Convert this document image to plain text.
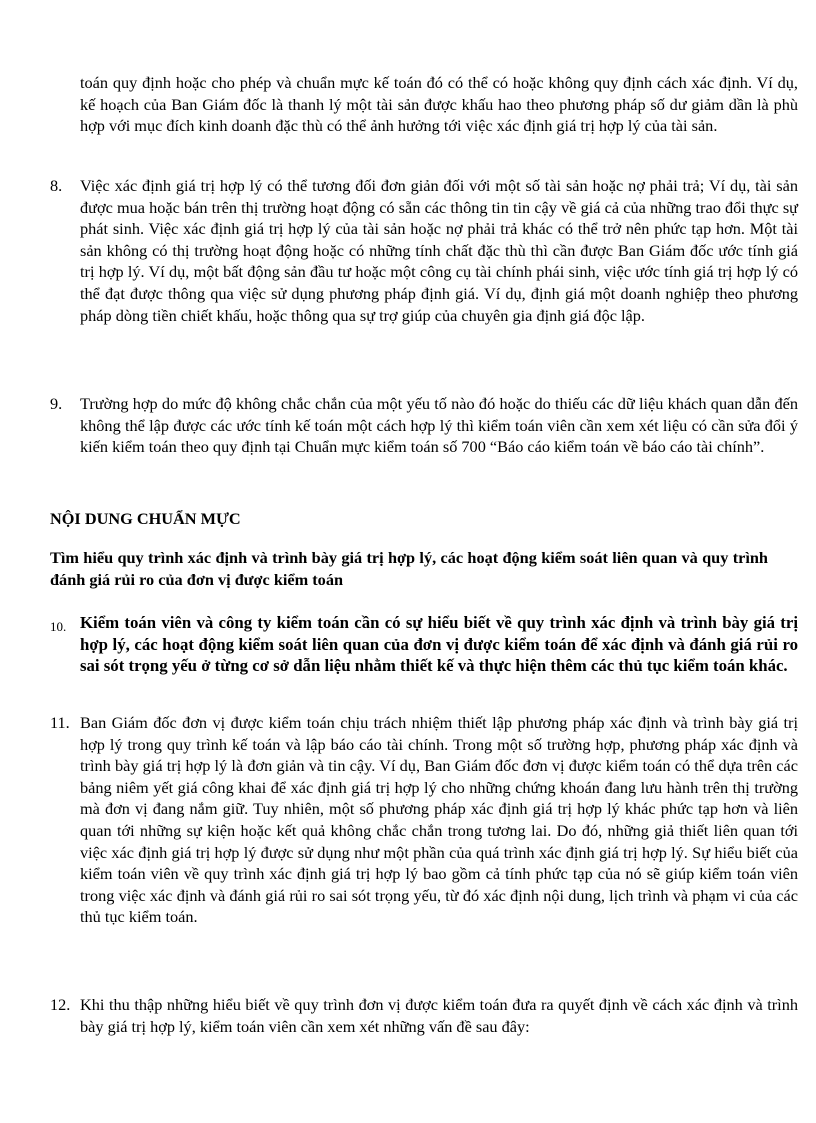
toán quy định hoặc cho phép và chuẩn mực kế toán đó có thể có hoặc không quy định cách xác định. Ví dụ, kế hoạch của Ban Giám đốc là thanh lý một tài sản được khấu hao theo phương pháp số dư giảm dần là phù hợp với mục đích kinh doanh đặc thù có thể ảnh hưởng tới việc xác định giá trị hợp lý của tài sản.

8.	Việc xác định giá trị hợp lý có thể tương đối đơn giản đối với một số tài sản hoặc nợ phải trả; Ví dụ, tài sản được mua hoặc bán trên thị trường hoạt động có sẵn các thông tin tin cậy về giá cả của những trao đổi thực sự phát sinh. Việc xác định giá trị hợp lý của tài sản hoặc nợ phải trả khác có thể trở nên phức tạp hơn. Một tài sản không có thị trường hoạt động hoặc có những tính chất đặc thù thì cần được Ban Giám đốc ước tính giá trị hợp lý. Ví dụ, một bất động sản đầu tư hoặc một công cụ tài chính phái sinh, việc ước tính giá trị hợp lý có thể đạt được thông qua việc sử dụng phương pháp định giá. Ví dụ, định giá một doanh nghiệp theo phương pháp dòng tiền chiết khấu, hoặc thông qua sự trợ giúp của chuyên gia định giá độc lập.

9.	Trường hợp do mức độ không chắc chắn của một yếu tố nào đó hoặc do thiếu các dữ liệu khách quan dẫn đến không thể lập được các ước tính kế toán một cách hợp lý thì kiểm toán viên cần xem xét liệu có cần sửa đổi ý kiến kiểm toán theo quy định tại Chuẩn mực kiểm toán số 700 “Báo cáo kiểm toán về báo cáo tài chính”.

NỘI DUNG CHUẨN MỰC
Tìm hiểu quy trình xác định và trình bày giá trị hợp lý, các hoạt động kiểm soát liên quan và quy trình đánh giá rủi ro của đơn vị được kiểm toán
10. Kiểm toán viên và công ty kiểm toán cần có sự hiểu biết về quy trình xác định và trình bày giá trị hợp lý, các hoạt động kiểm soát liên quan của đơn vị được kiểm toán để xác định và đánh giá rủi ro sai sót trọng yếu ở từng cơ sở dẫn liệu nhằm thiết kế và thực hiện thêm các thủ tục kiểm toán khác.

11. Ban Giám đốc đơn vị được kiểm toán chịu trách nhiệm thiết lập phương pháp xác định và trình bày giá trị hợp lý trong quy trình kế toán và lập báo cáo tài chính. Trong một số trường hợp, phương pháp xác định và trình bày giá trị hợp lý là đơn giản và tin cậy. Ví dụ, Ban Giám đốc đơn vị được kiểm toán có thể dựa trên các bảng niêm yết giá công khai để xác định giá trị hợp lý cho những chứng khoán đang lưu hành trên thị trường mà đơn vị đang nắm giữ. Tuy nhiên, một số phương pháp xác định giá trị hợp lý khác phức tạp hơn và liên quan tới những sự kiện hoặc kết quả không chắc chắn trong tương lai. Do đó, những giả thiết liên quan tới việc xác định giá trị hợp lý được sử dụng như một phần của quá trình xác định giá trị hợp lý. Sự hiểu biết của kiểm toán viên về quy trình xác định giá trị hợp lý bao gồm cả tính phức tạp của nó sẽ giúp kiểm toán viên trong việc xác định và đánh giá rủi ro sai sót trọng yếu, từ đó xác định nội dung, lịch trình và phạm vi của các thủ tục kiểm toán.

12. Khi thu thập những hiểu biết về quy trình đơn vị được kiểm toán đưa ra quyết định về cách xác định và trình bày giá trị hợp lý, kiểm toán viên cần xem xét những vấn đề sau đây:
